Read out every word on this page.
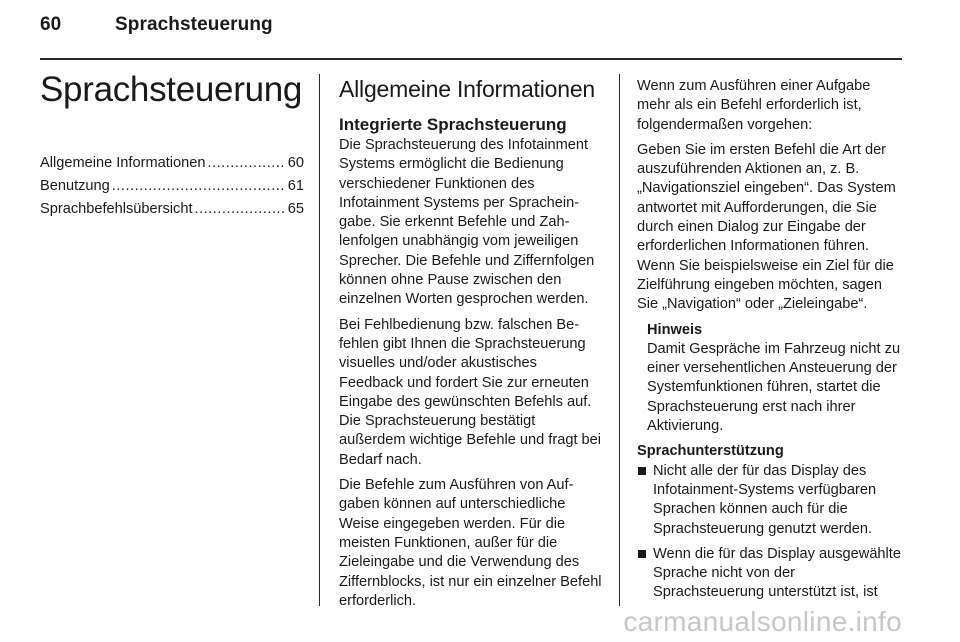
60	Sprachsteuerung
Sprachsteuerung
Allgemeine Informationen .....	60
Benutzung .....	61
Sprachbefehlsübersicht .....	65
Allgemeine Informationen
Integrierte Sprachsteuerung

Die Sprachsteuerung des Infotainment Systems ermöglicht die Bedienung verschiedener Funktionen des Infotainment Systems per Spracheingabe. Sie erkennt Befehle und Zahlenfolgen unabhängig vom jeweiligen Sprecher. Die Befehle und Ziffernfolgen können ohne Pause zwischen den einzelnen Worten gesprochen werden.

Bei Fehlbedienung bzw. falschen Befehlen gibt Ihnen die Sprachsteuerung visuelles und/oder akustisches Feedback und fordert Sie zur erneuten Eingabe des gewünschten Befehls auf. Die Sprachsteuerung bestätigt außerdem wichtige Befehle und fragt bei Bedarf nach.

Die Befehle zum Ausführen von Aufgaben können auf unterschiedliche Weise eingegeben werden. Für die meisten Funktionen, außer für die Zieleingabe und die Verwendung des Ziffernblocks, ist nur ein einzelner Befehl erforderlich.

Wenn zum Ausführen einer Aufgabe mehr als ein Befehl erforderlich ist, folgendermaßen vorgehen:

Geben Sie im ersten Befehl die Art der auszuführenden Aktionen an, z. B. „Navigationsziel eingeben“. Das System antwortet mit Aufforderungen, die Sie durch einen Dialog zur Eingabe der erforderlichen Informationen führen. Wenn Sie beispielsweise ein Ziel für die Zielführung eingeben möchten, sagen Sie „Navigation“ oder „Zieleingabe“.

Hinweis
Damit Gespräche im Fahrzeug nicht zu einer versehentlichen Ansteuerung der Systemfunktionen führen, startet die Sprachsteuerung erst nach ihrer Aktivierung.
Sprachunterstützung
Nicht alle der für das Display des Infotainment-Systems verfügbaren Sprachen können auch für die Sprachsteuerung genutzt werden.
Wenn die für das Display ausgewählte Sprache nicht von der Sprachsteuerung unterstützt ist, ist
carmanualsonline.info
